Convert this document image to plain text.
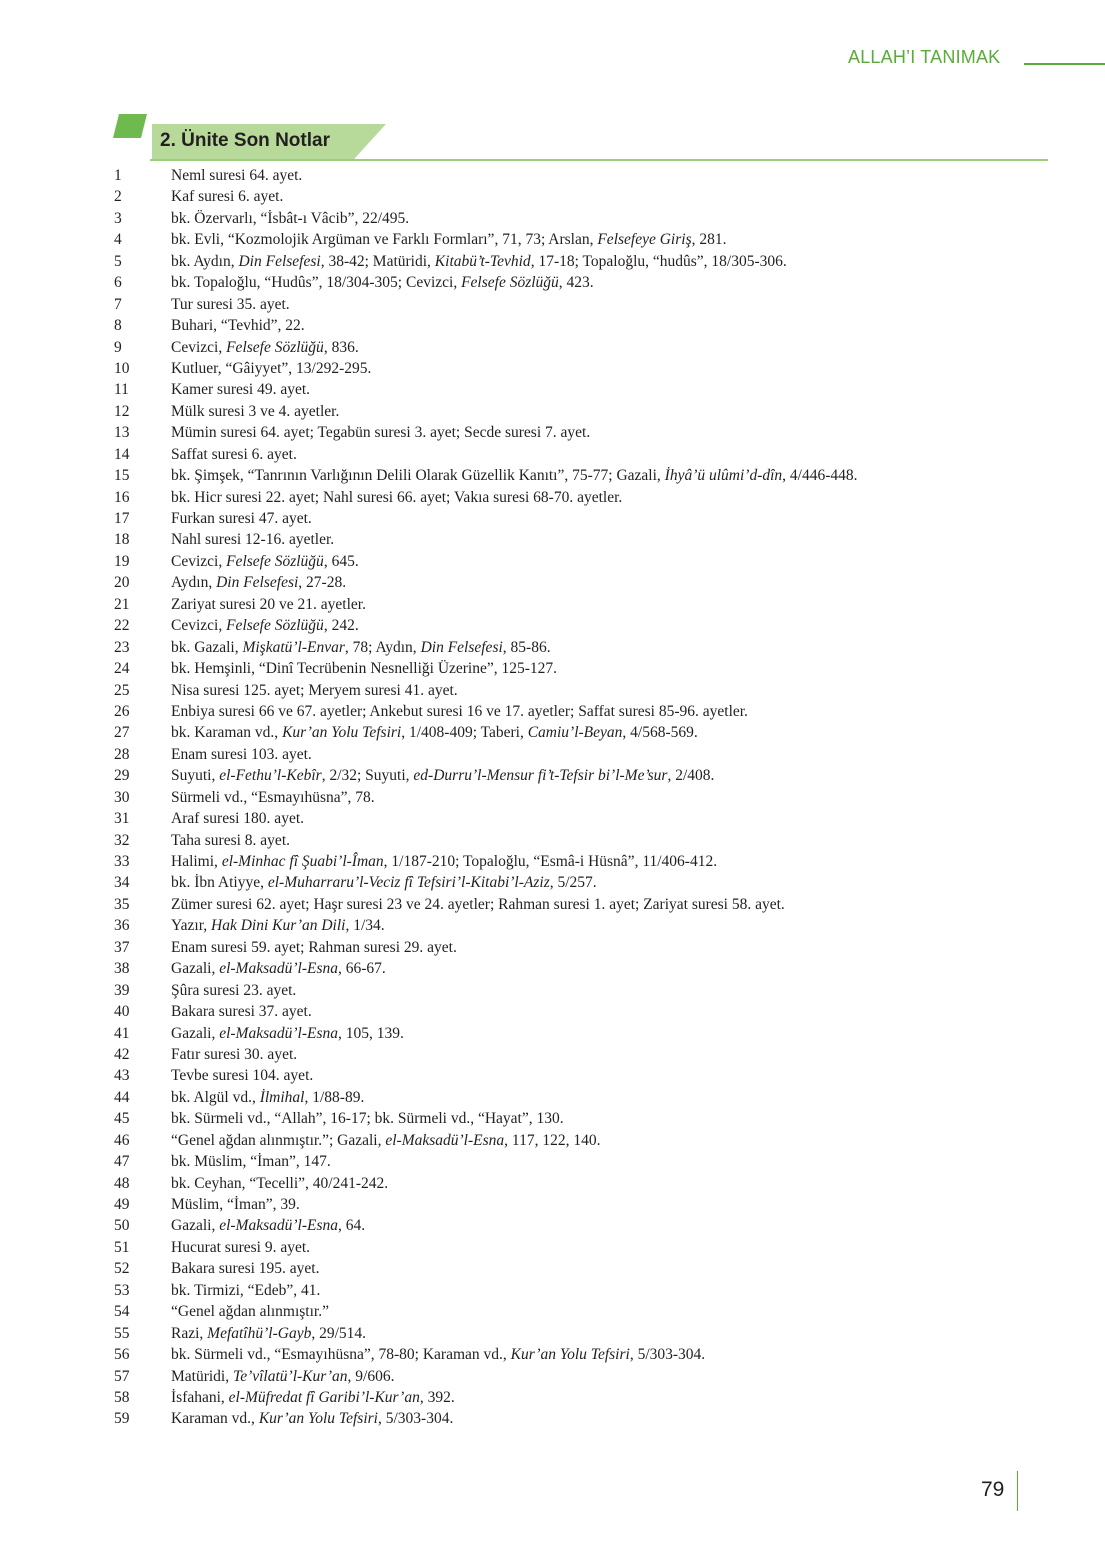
ALLAH’I TANIMAK
2. Ünite Son Notlar
1	Neml suresi 64. ayet.
2	Kaf suresi 6. ayet.
3	bk. Özervarlı, “İsbât-ı Vâcib”, 22/495.
4	bk. Evli, “Kozmolojik Argüman ve Farklı Formları”, 71, 73; Arslan, Felsefeye Giriş, 281.
5	bk. Aydın, Din Felsefesi, 38-42; Matüridi, Kitabü’t-Tevhid, 17-18; Topaloğlu, “hudûs”, 18/305-306.
6	bk. Topaloğlu, “Hudûs”, 18/304-305; Cevizci, Felsefe Sözlüğü, 423.
7	Tur suresi 35. ayet.
8	Buhari, “Tevhid”, 22.
9	Cevizci, Felsefe Sözlüğü, 836.
10	Kutluer, “Gâiyyet”, 13/292-295.
11	Kamer suresi 49. ayet.
12	Mülk suresi 3 ve 4. ayetler.
13	Mümin suresi 64. ayet; Tegabün suresi 3. ayet; Secde suresi 7. ayet.
14	Saffat suresi 6. ayet.
15	bk. Şimşek, “Tanrının Varlığının Delili Olarak Güzellik Kanıtı”, 75-77; Gazali, İhyâ’ü ulûmi’d-dîn, 4/446-448.
16	bk. Hicr suresi 22. ayet; Nahl suresi 66. ayet; Vakıa suresi 68-70. ayetler.
17	Furkan suresi 47. ayet.
18	Nahl suresi 12-16. ayetler.
19	Cevizci, Felsefe Sözlüğü, 645.
20	Aydın, Din Felsefesi, 27-28.
21	Zariyat suresi 20 ve 21. ayetler.
22	Cevizci, Felsefe Sözlüğü, 242.
23	bk. Gazali, Mişkatü’l-Envar, 78; Aydın, Din Felsefesi, 85-86.
24	bk. Hemşinli, “Dinî Tecrübenin Nesnelliği Üzerine”, 125-127.
25	Nisa suresi 125. ayet; Meryem suresi 41. ayet.
26	Enbiya suresi 66 ve 67. ayetler; Ankebut suresi 16 ve 17. ayetler; Saffat suresi 85-96. ayetler.
27	bk. Karaman vd., Kur’an Yolu Tefsiri, 1/408-409; Taberi, Camiu’l-Beyan, 4/568-569.
28	Enam suresi 103. ayet.
29	Suyuti, el-Fethu’l-Kebîr, 2/32; Suyuti, ed-Durru’l-Mensur fi’t-Tefsir bi’l-Me’sur, 2/408.
30	Sürmeli vd., “Esmayıhüsna”, 78.
31	Araf suresi 180. ayet.
32	Taha suresi 8. ayet.
33	Halimi, el-Minhac fî Şuabi’l-Îman, 1/187-210; Topaloğlu, “Esmâ-i Hüsnâ”, 11/406-412.
34	bk. İbn Atiyye, el-Muharraru’l-Veciz fî Tefsiri’l-Kitabi’l-Aziz, 5/257.
35	Zümer suresi 62. ayet; Haşr suresi 23 ve 24. ayetler; Rahman suresi 1. ayet; Zariyat suresi 58. ayet.
36	Yazır, Hak Dini Kur’an Dili, 1/34.
37	Enam suresi 59. ayet; Rahman suresi 29. ayet.
38	Gazali, el-Maksadü’l-Esna, 66-67.
39	Şûra suresi 23. ayet.
40	Bakara suresi 37. ayet.
41	Gazali, el-Maksadü’l-Esna, 105, 139.
42	Fatır suresi 30. ayet.
43	Tevbe suresi 104. ayet.
44	bk. Algül vd., İlmihal, 1/88-89.
45	bk. Sürmeli vd., “Allah”, 16-17; bk. Sürmeli vd., “Hayat”, 130.
46	“Genel ağdan alınmıştır.”; Gazali, el-Maksadü’l-Esna, 117, 122, 140.
47	bk. Müslim, “İman”, 147.
48	bk. Ceyhan, “Tecelli”, 40/241-242.
49	Müslim, “İman”, 39.
50	Gazali, el-Maksadü’l-Esna, 64.
51	Hucurat suresi 9. ayet.
52	Bakara suresi 195. ayet.
53	bk. Tirmizi, “Edeb”, 41.
54	“Genel ağdan alınmıştır.”
55	Razi, Mefatîhü’l-Gayb, 29/514.
56	bk. Sürmeli vd., “Esmayıhüsna”, 78-80; Karaman vd., Kur’an Yolu Tefsiri, 5/303-304.
57	Matüridi, Te’vîlatü’l-Kur’an, 9/606.
58	İsfahani, el-Müfredat fî Garibi’l-Kur’an, 392.
59	Karaman vd., Kur’an Yolu Tefsiri, 5/303-304.
79
